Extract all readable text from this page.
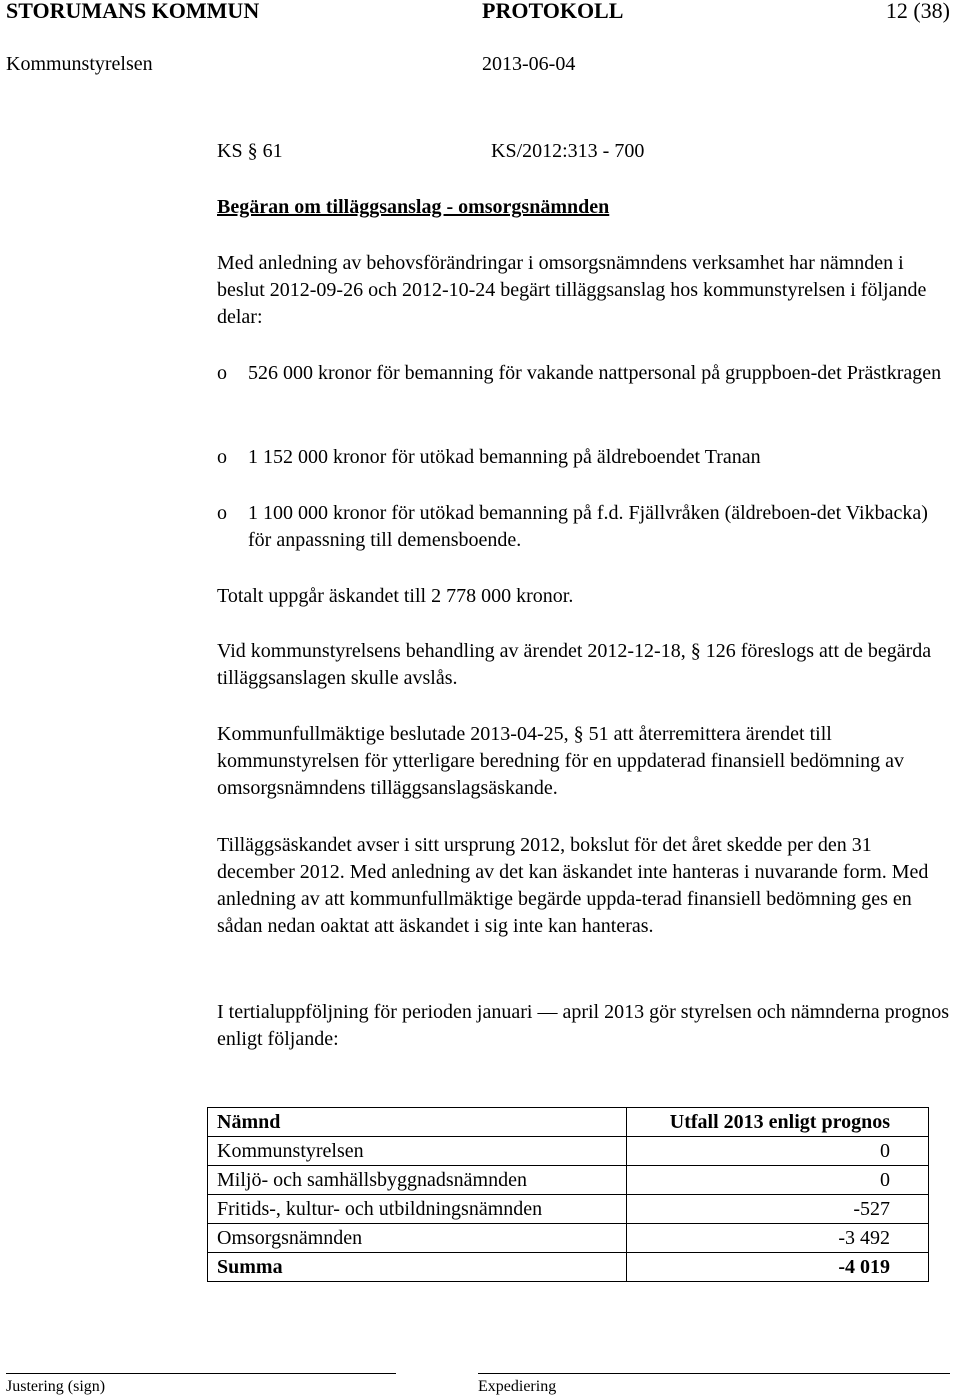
STORUMANS KOMMUN	PROTOKOLL	12 (38)
Kommunstyrelsen	2013-06-04
KS § 61	KS/2012:313 - 700
Begäran om tilläggsanslag - omsorgsnämnden
Med anledning av behovsförändringar i omsorgsnämndens verksamhet har nämnden i beslut 2012-09-26 och 2012-10-24 begärt tilläggsanslag hos kommunstyrelsen i följande delar:
o 526 000 kronor för bemanning för vakande nattpersonal på gruppboen-det Prästkragen
o 1 152 000 kronor för utökad bemanning på äldreboendet Tranan
o 1 100 000 kronor för utökad bemanning på f.d. Fjällvråken (äldreboen-det Vikbacka) för anpassning till demensboende.
Totalt uppgår äskandet till 2 778 000 kronor.
Vid kommunstyrelsens behandling av ärendet 2012-12-18, § 126 föreslogs att de begärda tilläggsanslagen skulle avslås.
Kommunfullmäktige beslutade 2013-04-25, § 51 att återremittera ärendet till kommunstyrelsen för ytterligare beredning för en uppdaterad finansiell bedömning av omsorgsnämndens tilläggsanslagsäskande.
Tilläggsäskandet avser i sitt ursprung 2012, bokslut för det året skedde per den 31 december 2012. Med anledning av det kan äskandet inte hanteras i nuvarande form. Med anledning av att kommunfullmäktige begärde uppda-terad finansiell bedömning ges en sådan nedan oaktat att äskandet i sig inte kan hanteras.
I tertialuppföljning för perioden januari — april 2013 gör styrelsen och nämnderna prognos enligt följande:
Nämnd	Utfall 2013 enligt prognos
Kommunstyrelsen	0
Miljö- och samhällsbyggnadsnämnden	0
Fritids-, kultur- och utbildningsnämnden	-527
Omsorgsnämnden	-3 492
Summa	-4 019
Justering (sign)	Expediering
